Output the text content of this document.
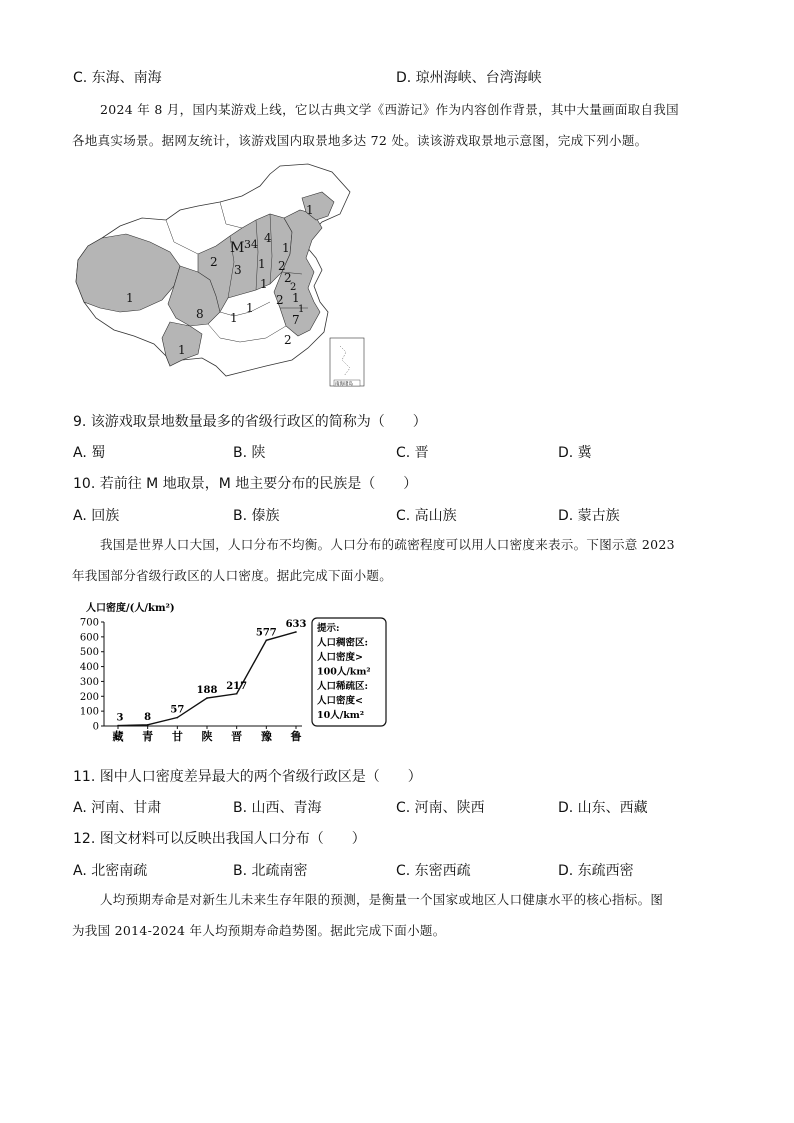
C. 东海、南海	D. 琼州海峡、台湾海峡

2024 年 8 月，国内某游戏上线，它以古典文学《西游记》作为内容创作背景，其中大量画面取自我国

各地真实场景。据网友统计，该游戏国内取景地多达 72 处。读该游戏取景地示意图，完成下列小题。

M
1
1
4
34
3
2	2
1
2
1
2
1
8 1
1	1
7
2
1
1
2
南海诸岛
9. 该游戏取景地数量最多的省级行政区的简称为（　　）
A. 蜀	B. 陕	C. 晋	D. 冀
10. 若前往 M 地取景，M 地主要分布的民族是（　　）
A. 回族	B. 傣族	C. 高山族	D. 蒙古族

我国是世界人口大国，人口分布不均衡。人口分布的疏密程度可以用人口密度来表示。下图示意 2023

年我国部分省级行政区的人口密度。据此完成下面小题。

人口密度/(人/km²)
0
100
200
300
400
500
600
700
藏 青 甘 陕 晋 豫 鲁
3 8
57
188 217
577
633 提示:
人口稠密区:
人口密度>
100人/km²
人口稀疏区:
人口密度<
10人/km²
11. 图中人口密度差异最大的两个省级行政区是（　　）
A. 河南、甘肃	B. 山西、青海	C. 河南、陕西	D. 山东、西藏
12. 图文材料可以反映出我国人口分布（　　）
A. 北密南疏	B. 北疏南密	C. 东密西疏	D. 东疏西密

人均预期寿命是对新生儿未来生存年限的预测，是衡量一个国家或地区人口健康水平的核心指标。图

为我国 2014-2024 年人均预期寿命趋势图。据此完成下面小题。
